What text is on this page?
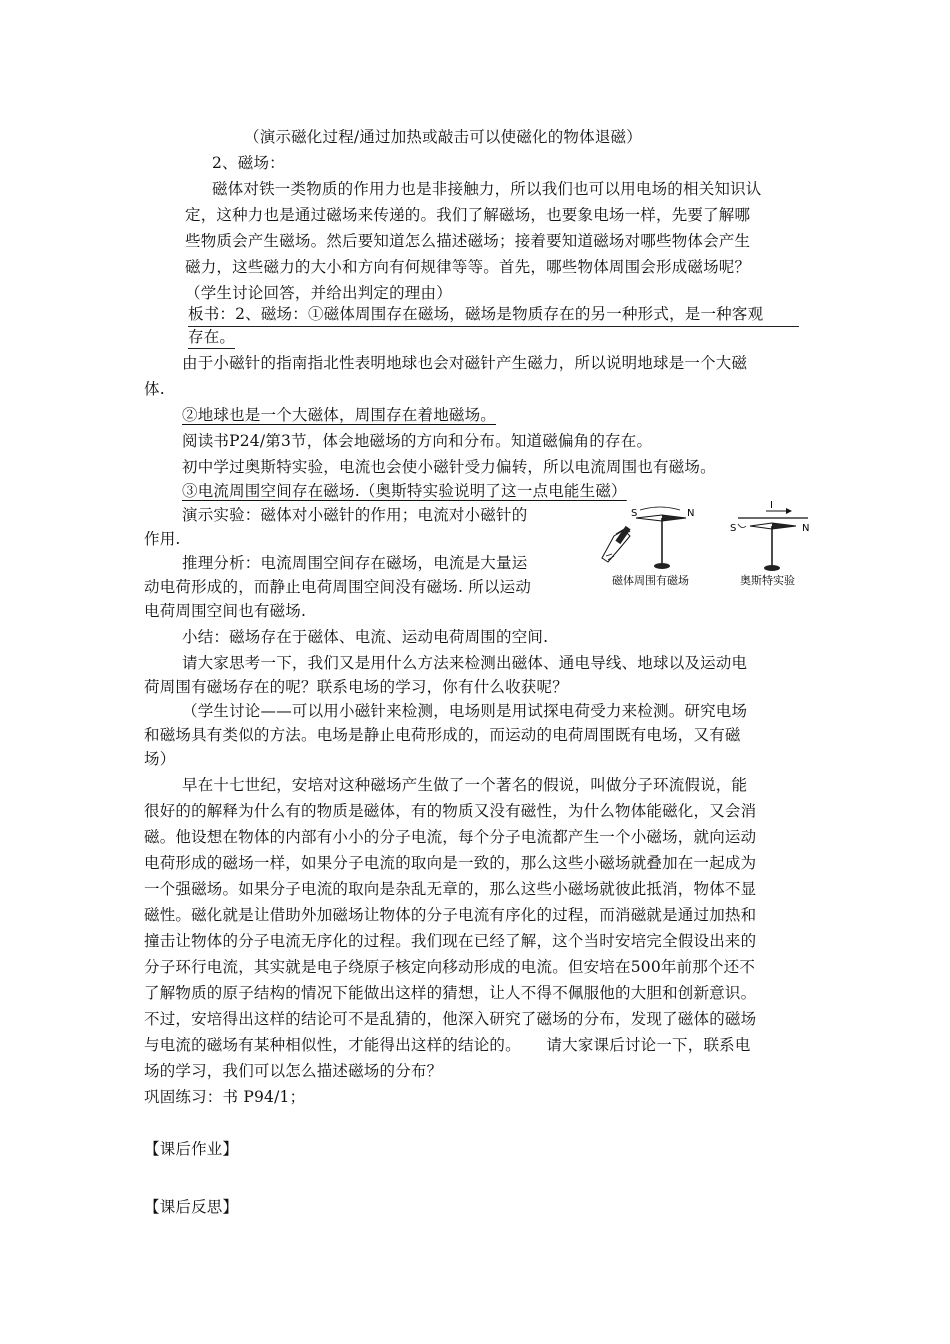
（演示磁化过程/通过加热或敲击可以使磁化的物体退磁）
2、磁场：
磁体对铁一类物质的作用力也是非接触力，所以我们也可以用电场的相关知识认
定，这种力也是通过磁场来传递的。我们了解磁场，也要象电场一样，先要了解哪
些物质会产生磁场。然后要知道怎么描述磁场；接着要知道磁场对哪些物体会产生
磁力，这些磁力的大小和方向有何规律等等。首先，哪些物体周围会形成磁场呢？
（学生讨论回答，并给出判定的理由）
板书：2、磁场：①磁体周围存在磁场，磁场是物质存在的另一种形式，是一种客观
存在。
由于小磁针的指南指北性表明地球也会对磁针产生磁力，所以说明地球是一个大磁
体.
②地球也是一个大磁体，周围存在着地磁场。
阅读书P24/第3节，体会地磁场的方向和分布。知道磁偏角的存在。
初中学过奥斯特实验，电流也会使小磁针受力偏转，所以电流周围也有磁场。
③电流周围空间存在磁场.（奥斯特实验说明了这一点电能生磁）
演示实验：磁体对小磁针的作用；电流对小磁针的
作用.
推理分析：电流周围空间存在磁场，电流是大量运
动电荷形成的，而静止电荷周围空间没有磁场. 所以运动
电荷周围空间也有磁场.
小结：磁场存在于磁体、电流、运动电荷周围的空间.
请大家思考一下，我们又是用什么方法来检测出磁体、通电导线、地球以及运动电
荷周围有磁场存在的呢？联系电场的学习，你有什么收获呢？
（学生讨论——可以用小磁针来检测，电场则是用试探电荷受力来检测。研究电场
和磁场具有类似的方法。电场是静止电荷形成的，而运动的电荷周围既有电场，又有磁
场）
早在十七世纪，安培对这种磁场产生做了一个著名的假说，叫做分子环流假说，能
很好的的解释为什么有的物质是磁体，有的物质又没有磁性，为什么物体能磁化，又会消
磁。他设想在物体的内部有小小的分子电流，每个分子电流都产生一个小磁场，就向运动
电荷形成的磁场一样，如果分子电流的取向是一致的，那么这些小磁场就叠加在一起成为
一个强磁场。如果分子电流的取向是杂乱无章的，那么这些小磁场就彼此抵消，物体不显
磁性。磁化就是让借助外加磁场让物体的分子电流有序化的过程，而消磁就是通过加热和
撞击让物体的分子电流无序化的过程。我们现在已经了解，这个当时安培完全假设出来的
分子环行电流，其实就是电子绕原子核定向移动形成的电流。但安培在500年前那个还不
了解物质的原子结构的情况下能做出这样的猜想，让人不得不佩服他的大胆和创新意识。
不过，安培得出这样的结论可不是乱猜的，他深入研究了磁场的分布，发现了磁体的磁场
与电流的磁场有某种相似性，才能得出这样的结论的。     请大家课后讨论一下，联系电
场的学习，我们可以怎么描述磁场的分布？
巩固练习：书 P94/1；
【课后作业】
【课后反思】
S	N
I
S	N
磁体周围有磁场	奥斯特实验
